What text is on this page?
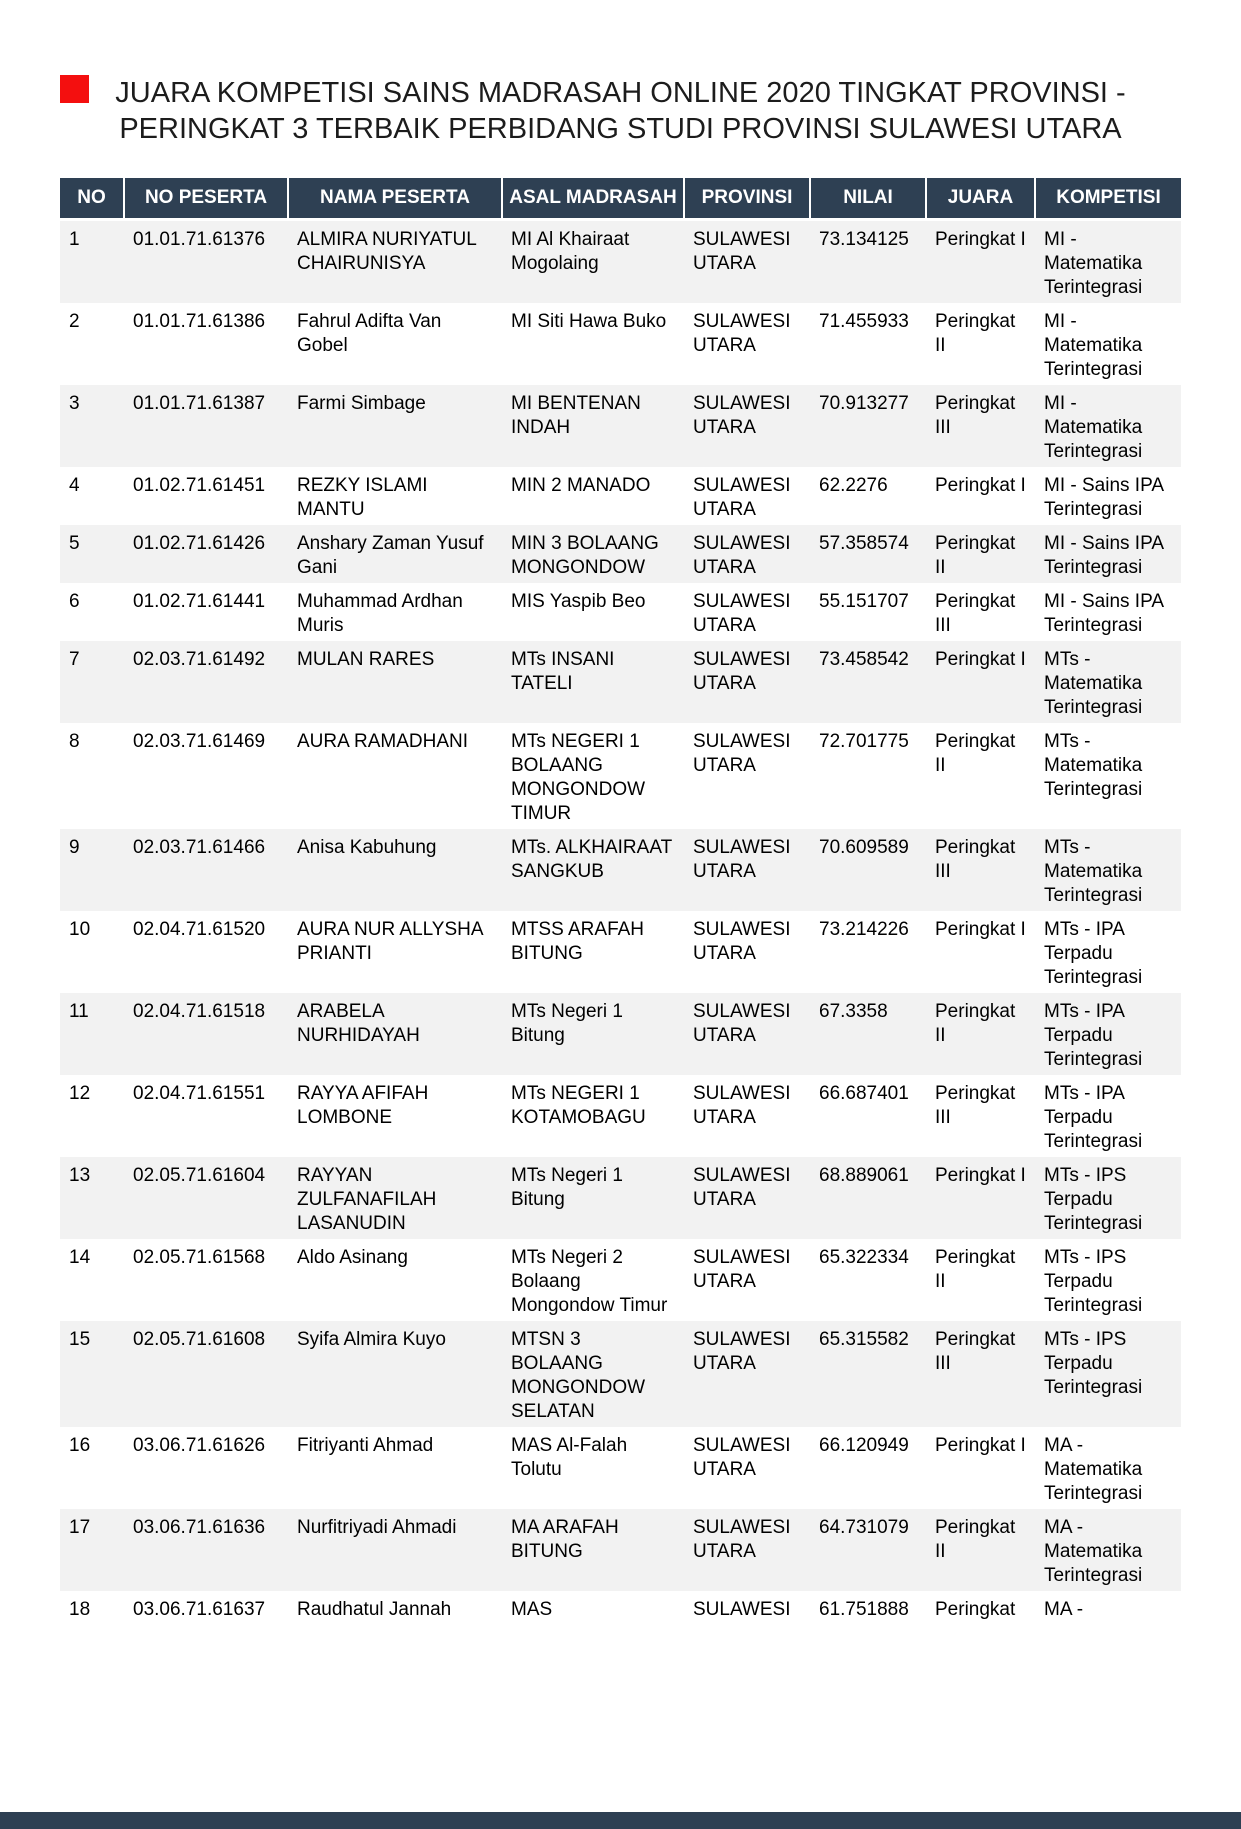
JUARA KOMPETISI SAINS MADRASAH ONLINE 2020 TINGKAT PROVINSI -
PERINGKAT 3 TERBAIK PERBIDANG STUDI PROVINSI SULAWESI UTARA
NO	NO PESERTA	NAMA PESERTA	ASAL MADRASAH	PROVINSI	NILAI	JUARA	KOMPETISI
1	01.01.71.61376	ALMIRA NURIYATUL CHAIRUNISYA	MI Al Khairaat Mogolaing	SULAWESI UTARA	73.134125	Peringkat I	MI - Matematika Terintegrasi
2	01.01.71.61386	Fahrul Adifta Van Gobel	MI Siti Hawa Buko	SULAWESI UTARA	71.455933	Peringkat II	MI - Matematika Terintegrasi
3	01.01.71.61387	Farmi Simbage	MI BENTENAN INDAH	SULAWESI UTARA	70.913277	Peringkat III	MI - Matematika Terintegrasi
4	01.02.71.61451	REZKY ISLAMI MANTU	MIN 2 MANADO	SULAWESI UTARA	62.2276	Peringkat I	MI - Sains IPA Terintegrasi
5	01.02.71.61426	Anshary Zaman Yusuf Gani	MIN 3 BOLAANG MONGONDOW	SULAWESI UTARA	57.358574	Peringkat II	MI - Sains IPA Terintegrasi
6	01.02.71.61441	Muhammad Ardhan Muris	MIS Yaspib Beo	SULAWESI UTARA	55.151707	Peringkat III	MI - Sains IPA Terintegrasi
7	02.03.71.61492	MULAN RARES	MTs INSANI TATELI	SULAWESI UTARA	73.458542	Peringkat I	MTs - Matematika Terintegrasi
8	02.03.71.61469	AURA RAMADHANI	MTs NEGERI 1 BOLAANG MONGONDOW TIMUR	SULAWESI UTARA	72.701775	Peringkat II	MTs - Matematika Terintegrasi
9	02.03.71.61466	Anisa Kabuhung	MTs. ALKHAIRAAT SANGKUB	SULAWESI UTARA	70.609589	Peringkat III	MTs - Matematika Terintegrasi
10	02.04.71.61520	AURA NUR ALLYSHA PRIANTI	MTSS ARAFAH BITUNG	SULAWESI UTARA	73.214226	Peringkat I	MTs - IPA Terpadu Terintegrasi
11	02.04.71.61518	ARABELA NURHIDAYAH	MTs Negeri 1 Bitung	SULAWESI UTARA	67.3358	Peringkat II	MTs - IPA Terpadu Terintegrasi
12	02.04.71.61551	RAYYA AFIFAH LOMBONE	MTs NEGERI 1 KOTAMOBAGU	SULAWESI UTARA	66.687401	Peringkat III	MTs - IPA Terpadu Terintegrasi
13	02.05.71.61604	RAYYAN ZULFANAFILAH LASANUDIN	MTs Negeri 1 Bitung	SULAWESI UTARA	68.889061	Peringkat I	MTs - IPS Terpadu Terintegrasi
14	02.05.71.61568	Aldo Asinang	MTs Negeri 2 Bolaang Mongondow Timur	SULAWESI UTARA	65.322334	Peringkat II	MTs - IPS Terpadu Terintegrasi
15	02.05.71.61608	Syifa Almira Kuyo	MTSN 3 BOLAANG MONGONDOW SELATAN	SULAWESI UTARA	65.315582	Peringkat III	MTs - IPS Terpadu Terintegrasi
16	03.06.71.61626	Fitriyanti Ahmad	MAS Al-Falah Tolutu	SULAWESI UTARA	66.120949	Peringkat I	MA - Matematika Terintegrasi
17	03.06.71.61636	Nurfitriyadi Ahmadi	MA ARAFAH BITUNG	SULAWESI UTARA	64.731079	Peringkat II	MA - Matematika Terintegrasi
18	03.06.71.61637	Raudhatul Jannah	MAS	SULAWESI	61.751888	Peringkat	MA -
